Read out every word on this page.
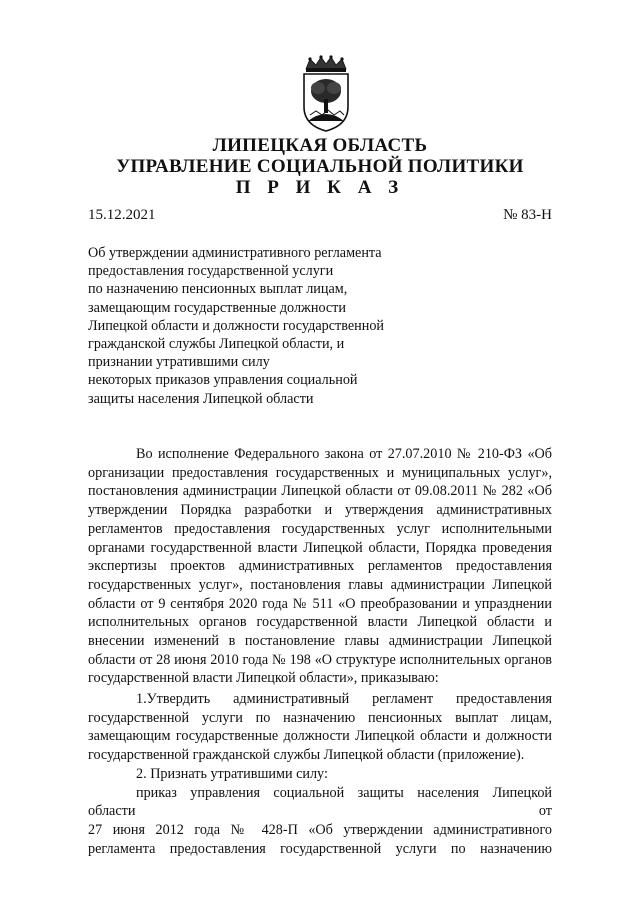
ЛИПЕЦКАЯ ОБЛАСТЬ
УПРАВЛЕНИЕ СОЦИАЛЬНОЙ ПОЛИТИКИ
П Р И К А З
15.12.2021	№ 83-Н
Об утверждении административного регламента
предоставления государственной услуги
по назначению пенсионных выплат лицам,
замещающим государственные должности
Липецкой области и должности государственной
гражданской службы Липецкой области, и
признании утратившими силу
некоторых приказов управления социальной
защиты населения Липецкой области
Во исполнение Федерального закона от 27.07.2010 № 210-ФЗ «Об
организации предоставления государственных и муниципальных услуг»,
постановления администрации Липецкой области от 09.08.2011 № 282 «Об
утверждении Порядка разработки и утверждения административных
регламентов предоставления государственных услуг исполнительными
органами государственной власти Липецкой области, Порядка проведения
экспертизы проектов административных регламентов предоставления
государственных услуг», постановления главы администрации Липецкой
области от 9 сентября 2020 года № 511 «О преобразовании и упразднении
исполнительных органов государственной власти Липецкой области и
внесении изменений в постановление главы администрации Липецкой
области от 28 июня 2010 года № 198 «О структуре исполнительных органов
государственной власти Липецкой области», приказываю:
1.Утвердить административный регламент предоставления
государственной услуги по назначению пенсионных выплат лицам,
замещающим государственные должности Липецкой области и должности
государственной гражданской службы Липецкой области (приложение).
2. Признать утратившими силу:
приказ управления социальной защиты населения Липецкой области от
27 июня 2012 года № 428-П «Об утверждении административного
регламента предоставления государственной услуги по назначению
